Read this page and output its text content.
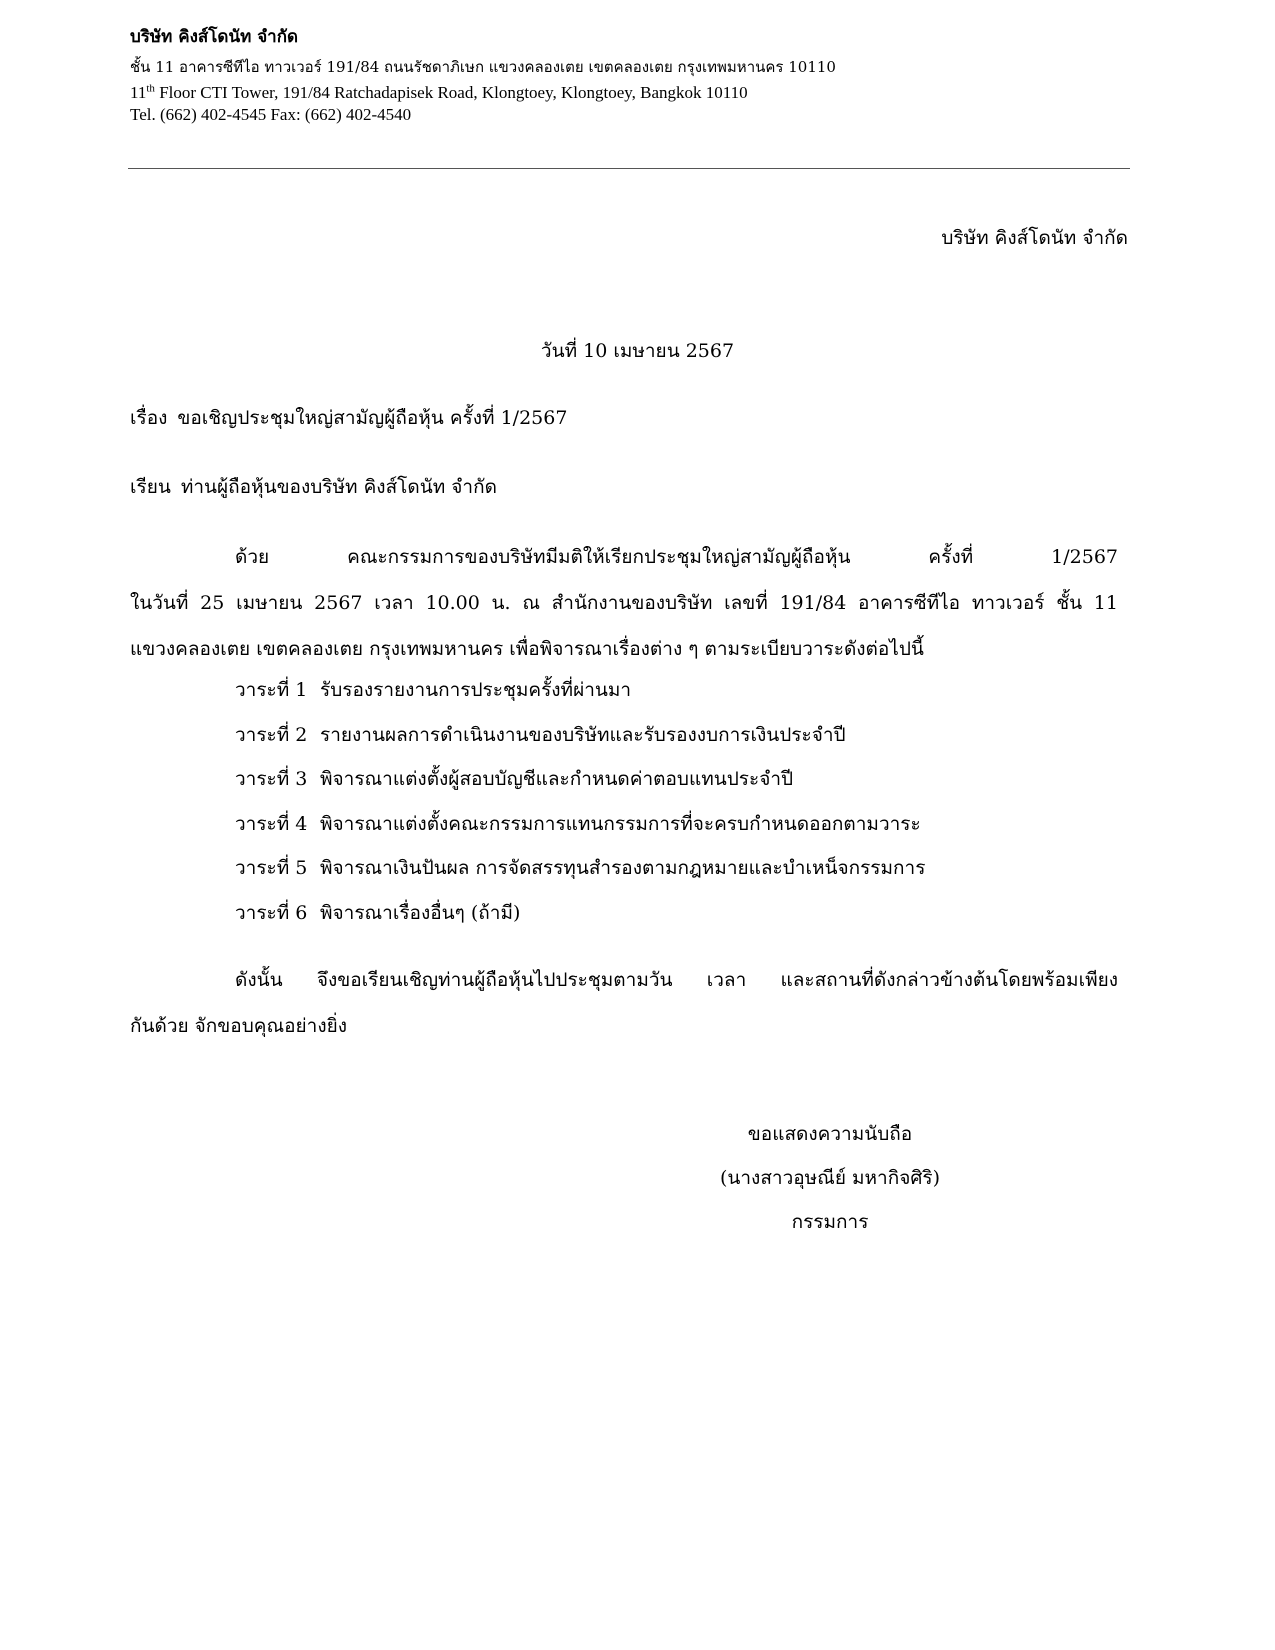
บริษัท คิงส์โดนัท จำกัด
ชั้น 11 อาคารซีทีไอ ทาวเวอร์ 191/84 ถนนรัชดาภิเษก แขวงคลองเตย เขตคลองเตย กรุงเทพมหานคร 10110
11th Floor CTI Tower, 191/84 Ratchadapisek Road, Klongtoey, Klongtoey, Bangkok 10110
Tel. (662) 402-4545 Fax: (662) 402-4540
บริษัท คิงส์โดนัท จำกัด
วันที่ 10 เมษายน 2567
เรื่อง ขอเชิญประชุมใหญ่สามัญผู้ถือหุ้น ครั้งที่ 1/2567
เรียน ท่านผู้ถือหุ้นของบริษัท คิงส์โดนัท จำกัด
ด้วย คณะกรรมการของบริษัทมีมติให้เรียกประชุมใหญ่สามัญผู้ถือหุ้น ครั้งที่ 1/2567
ในวันที่ 25 เมษายน 2567 เวลา 10.00 น. ณ สำนักงานของบริษัท เลขที่ 191/84 อาคารซีทีไอ ทาวเวอร์ ชั้น 11
แขวงคลองเตย เขตคลองเตย กรุงเทพมหานคร เพื่อพิจารณาเรื่องต่าง ๆ ตามระเบียบวาระดังต่อไปนี้
วาระที่ 1 รับรองรายงานการประชุมครั้งที่ผ่านมา
วาระที่ 2 รายงานผลการดำเนินงานของบริษัทและรับรองงบการเงินประจำปี
วาระที่ 3 พิจารณาแต่งตั้งผู้สอบบัญชีและกำหนดค่าตอบแทนประจำปี
วาระที่ 4 พิจารณาแต่งตั้งคณะกรรมการแทนกรรมการที่จะครบกำหนดออกตามวาระ
วาระที่ 5 พิจารณาเงินปันผล การจัดสรรทุนสำรองตามกฎหมายและบำเหน็จกรรมการ
วาระที่ 6 พิจารณาเรื่องอื่นๆ (ถ้ามี)
ดังนั้น จึงขอเรียนเชิญท่านผู้ถือหุ้นไปประชุมตามวัน เวลา และสถานที่ดังกล่าวข้างต้นโดยพร้อมเพียง
กันด้วย จักขอบคุณอย่างยิ่ง
ขอแสดงความนับถือ
(นางสาวอุษณีย์ มหากิจศิริ)
กรรมการ
